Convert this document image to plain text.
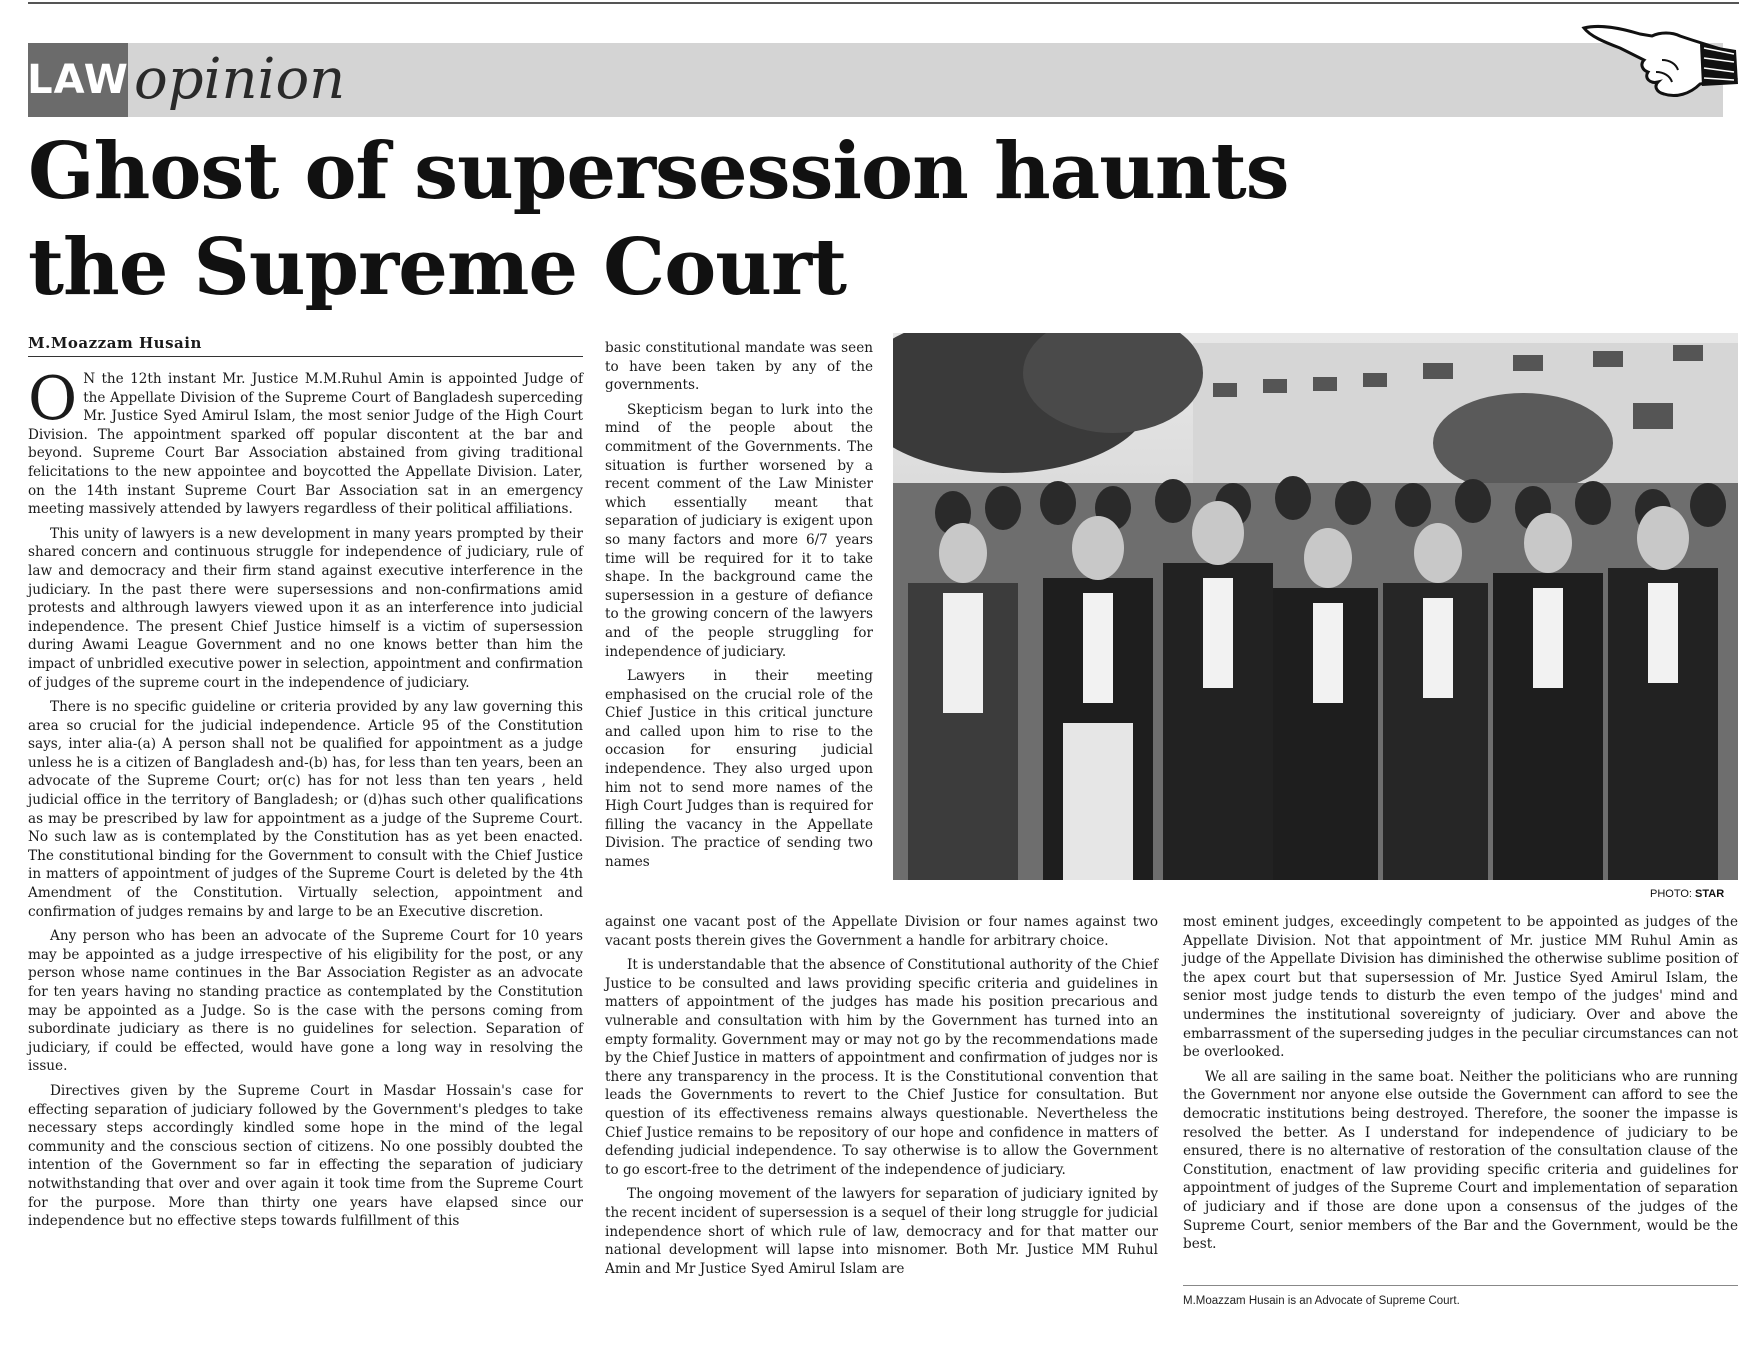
LAW opinion
Ghost of supersession haunts the Supreme Court
M.Moazzam Husain

O N the 12th instant Mr. Justice M.M.Ruhul Amin is appointed Judge of the Appellate Division of the Supreme Court of Bangladesh superceding Mr. Justice Syed Amirul Islam, the most senior Judge of the High Court Division. The appointment sparked off popular discontent at the bar and beyond. Supreme Court Bar Association abstained from giving traditional felicitations to the new appointee and boycotted the Appellate Division. Later, on the 14th instant Supreme Court Bar Association sat in an emergency meeting massively attended by lawyers regardless of their political affiliations.

This unity of lawyers is a new development in many years prompted by their shared concern and continuous struggle for independence of judiciary, rule of law and democracy and their firm stand against executive interference in the judiciary. In the past there were supersessions and non-confirmations amid protests and althrough lawyers viewed upon it as an interference into judicial independence. The present Chief Justice himself is a victim of supersession during Awami League Government and no one knows better than him the impact of unbridled executive power in selection, appointment and confirmation of judges of the supreme court in the independence of judiciary.

There is no specific guideline or criteria provided by any law governing this area so crucial for the judicial independence. Article 95 of the Constitution says, inter alia-(a) A person shall not be qualified for appointment as a judge unless he is a citizen of Bangladesh and-(b) has, for less than ten years, been an advocate of the Supreme Court; or(c) has for not less than ten years , held judicial office in the territory of Bangladesh; or (d)has such other qualifications as may be prescribed by law for appointment as a judge of the Supreme Court. No such law as is contemplated by the Constitution has as yet been enacted. The constitutional binding for the Government to consult with the Chief Justice in matters of appointment of judges of the Supreme Court is deleted by the 4th Amendment of the Constitution. Virtually selection, appointment and confirmation of judges remains by and large to be an Executive discretion.

Any person who has been an advocate of the Supreme Court for 10 years may be appointed as a judge irrespective of his eligibility for the post, or any person whose name continues in the Bar Association Register as an advocate for ten years having no standing practice as contemplated by the Constitution may be appointed as a Judge. So is the case with the persons coming from subordinate judiciary as there is no guidelines for selection. Separation of judiciary, if could be effected, would have gone a long way in resolving the issue.

Directives given by the Supreme Court in Masdar Hossain's case for effecting separation of judiciary followed by the Government's pledges to take necessary steps accordingly kindled some hope in the mind of the legal community and the conscious section of citizens. No one possibly doubted the intention of the Government so far in effecting the separation of judiciary notwithstanding that over and over again it took time from the Supreme Court for the purpose. More than thirty one years have elapsed since our independence but no effective steps towards fulfillment of this

basic constitutional mandate was seen to have been taken by any of the governments.

Skepticism began to lurk into the mind of the people about the commitment of the Governments. The situation is further worsened by a recent comment of the Law Minister which essentially meant that separation of judiciary is exigent upon so many factors and more 6/7 years time will be required for it to take shape. In the background came the supersession in a gesture of defiance to the growing concern of the lawyers and of the people struggling for independence of judiciary.

Lawyers in their meeting emphasised on the crucial role of the Chief Justice in this critical juncture and called upon him to rise to the occasion for ensuring judicial independence. They also urged upon him not to send more names of the High Court Judges than is required for filling the vacancy in the Appellate Division. The practice of sending two names

PHOTO: STAR

against one vacant post of the Appellate Division or four names against two vacant posts therein gives the Government a handle for arbitrary choice.

It is understandable that the absence of Constitutional authority of the Chief Justice to be consulted and laws providing specific criteria and guidelines in matters of appointment of the judges has made his position precarious and vulnerable and consultation with him by the Government has turned into an empty formality. Government may or may not go by the recommendations made by the Chief Justice in matters of appointment and confirmation of judges nor is there any transparency in the process. It is the Constitutional convention that leads the Governments to revert to the Chief Justice for consultation. But question of its effectiveness remains always questionable. Nevertheless the Chief Justice remains to be repository of our hope and confidence in matters of defending judicial independence. To say otherwise is to allow the Government to go escort-free to the detriment of the independence of judiciary.

The ongoing movement of the lawyers for separation of judiciary ignited by the recent incident of supersession is a sequel of their long struggle for judicial independence short of which rule of law, democracy and for that matter our national development will lapse into misnomer. Both Mr. Justice MM Ruhul Amin and Mr Justice Syed Amirul Islam are

most eminent judges, exceedingly competent to be appointed as judges of the Appellate Division. Not that appointment of Mr. justice MM Ruhul Amin as judge of the Appellate Division has diminished the otherwise sublime position of the apex court but that supersession of Mr. Justice Syed Amirul Islam, the senior most judge tends to disturb the even tempo of the judges' mind and undermines the institutional sovereignty of judiciary. Over and above the embarrassment of the superseding judges in the peculiar circumstances can not be overlooked.

We all are sailing in the same boat. Neither the politicians who are running the Government nor anyone else outside the Government can afford to see the democratic institutions being destroyed. Therefore, the sooner the impasse is resolved the better. As I understand for independence of judiciary to be ensured, there is no alternative of restoration of the consultation clause of the Constitution, enactment of law providing specific criteria and guidelines for appointment of judges of the Supreme Court and implementation of separation of judiciary and if those are done upon a consensus of the judges of the Supreme Court, senior members of the Bar and the Government, would be the best.

M.Moazzam Husain is an Advocate of Supreme Court.
